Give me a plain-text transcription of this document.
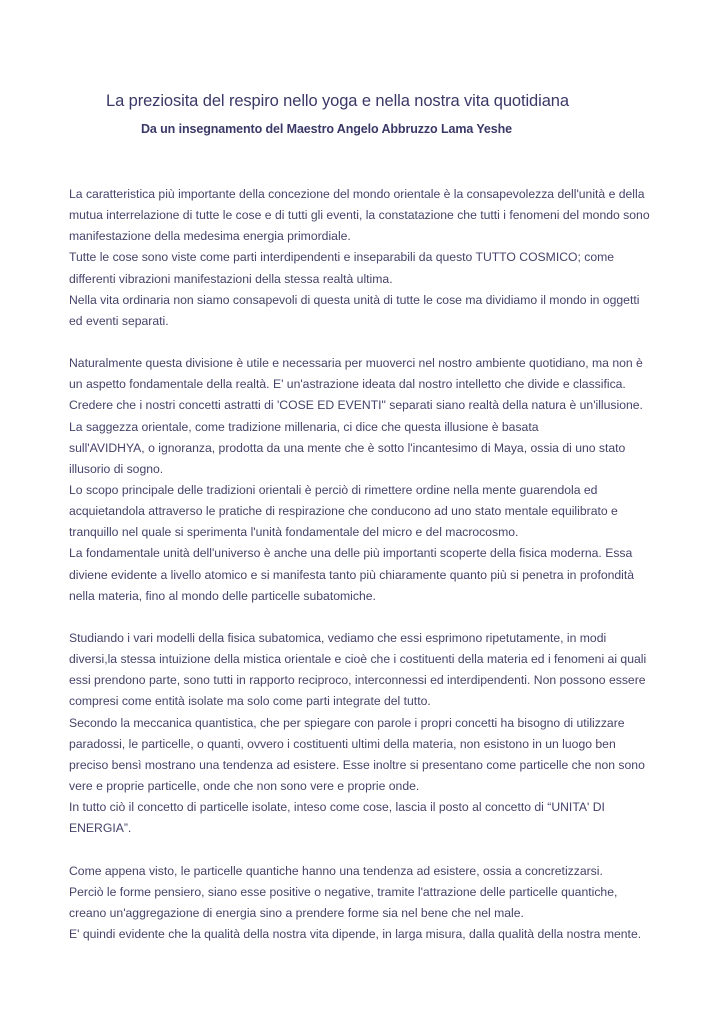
La preziosita del respiro nello yoga e nella nostra vita quotidiana
Da un insegnamento del Maestro Angelo Abbruzzo Lama Yeshe
La caratteristica più importante della concezione del mondo orientale è la consapevolezza dell'unità e della
mutua interrelazione di tutte le cose e di tutti gli eventi, la constatazione che tutti i fenomeni del mondo sono
manifestazione della medesima energia primordiale.
Tutte le cose sono viste come parti interdipendenti e inseparabili da questo TUTTO COSMICO; come
differenti vibrazioni manifestazioni della stessa realtà ultima.
Nella vita ordinaria non siamo consapevoli di questa unità di tutte le cose ma dividiamo il mondo in oggetti
ed eventi separati.
Naturalmente questa divisione è utile e necessaria per muoverci nel nostro ambiente quotidiano, ma non è
un aspetto fondamentale della realtà. E' un'astrazione ideata dal nostro intelletto che divide e classifica.
Credere che i nostri concetti astratti di 'COSE ED EVENTI" separati siano realtà della natura è un'illusione.
La saggezza orientale, come tradizione millenaria, ci dice che questa illusione è basata
sull'AVIDHYA, o ignoranza, prodotta da una mente che è sotto l'incantesimo di Maya, ossia di uno stato
illusorio di sogno.
Lo scopo principale delle tradizioni orientali è perciò di rimettere ordine nella mente guarendola ed
acquietandola attraverso le pratiche di respirazione che conducono ad uno stato mentale equilibrato e
tranquillo nel quale si sperimenta l'unità fondamentale del micro e del macrocosmo.
La fondamentale unità dell'universo è anche una delle più importanti scoperte della fisica moderna. Essa
diviene evidente a livello atomico e si manifesta tanto più chiaramente quanto più si penetra in profondità
nella materia, fino al mondo delle particelle subatomiche.
Studiando i vari modelli della fisica subatomica, vediamo che essi esprimono ripetutamente, in modi
diversi,la stessa intuizione della mistica orientale e cioè che i costituenti della materia ed i fenomeni ai quali
essi prendono parte, sono tutti in rapporto reciproco, interconnessi ed interdipendenti. Non possono essere
compresi come entità isolate ma solo come parti integrate del tutto.
Secondo la meccanica quantistica, che per spiegare con parole i propri concetti ha bisogno di utilizzare
paradossi, le particelle, o quanti, ovvero i costituenti ultimi della materia, non esistono in un luogo ben
preciso bensì mostrano una tendenza ad esistere. Esse inoltre si presentano come particelle che non sono
vere e proprie particelle, onde che non sono vere e proprie onde.
In tutto ciò il concetto di particelle isolate, inteso come cose, lascia il posto al concetto di “UNITA' DI
ENERGIA”.
Come appena visto, le particelle quantiche hanno una tendenza ad esistere, ossia a concretizzarsi.
Perciò le forme pensiero, siano esse positive o negative, tramite l'attrazione delle particelle quantiche,
creano un'aggregazione di energia sino a prendere forme sia nel bene che nel male.
E' quindi evidente che la qualità della nostra vita dipende, in larga misura, dalla qualità della nostra mente.
